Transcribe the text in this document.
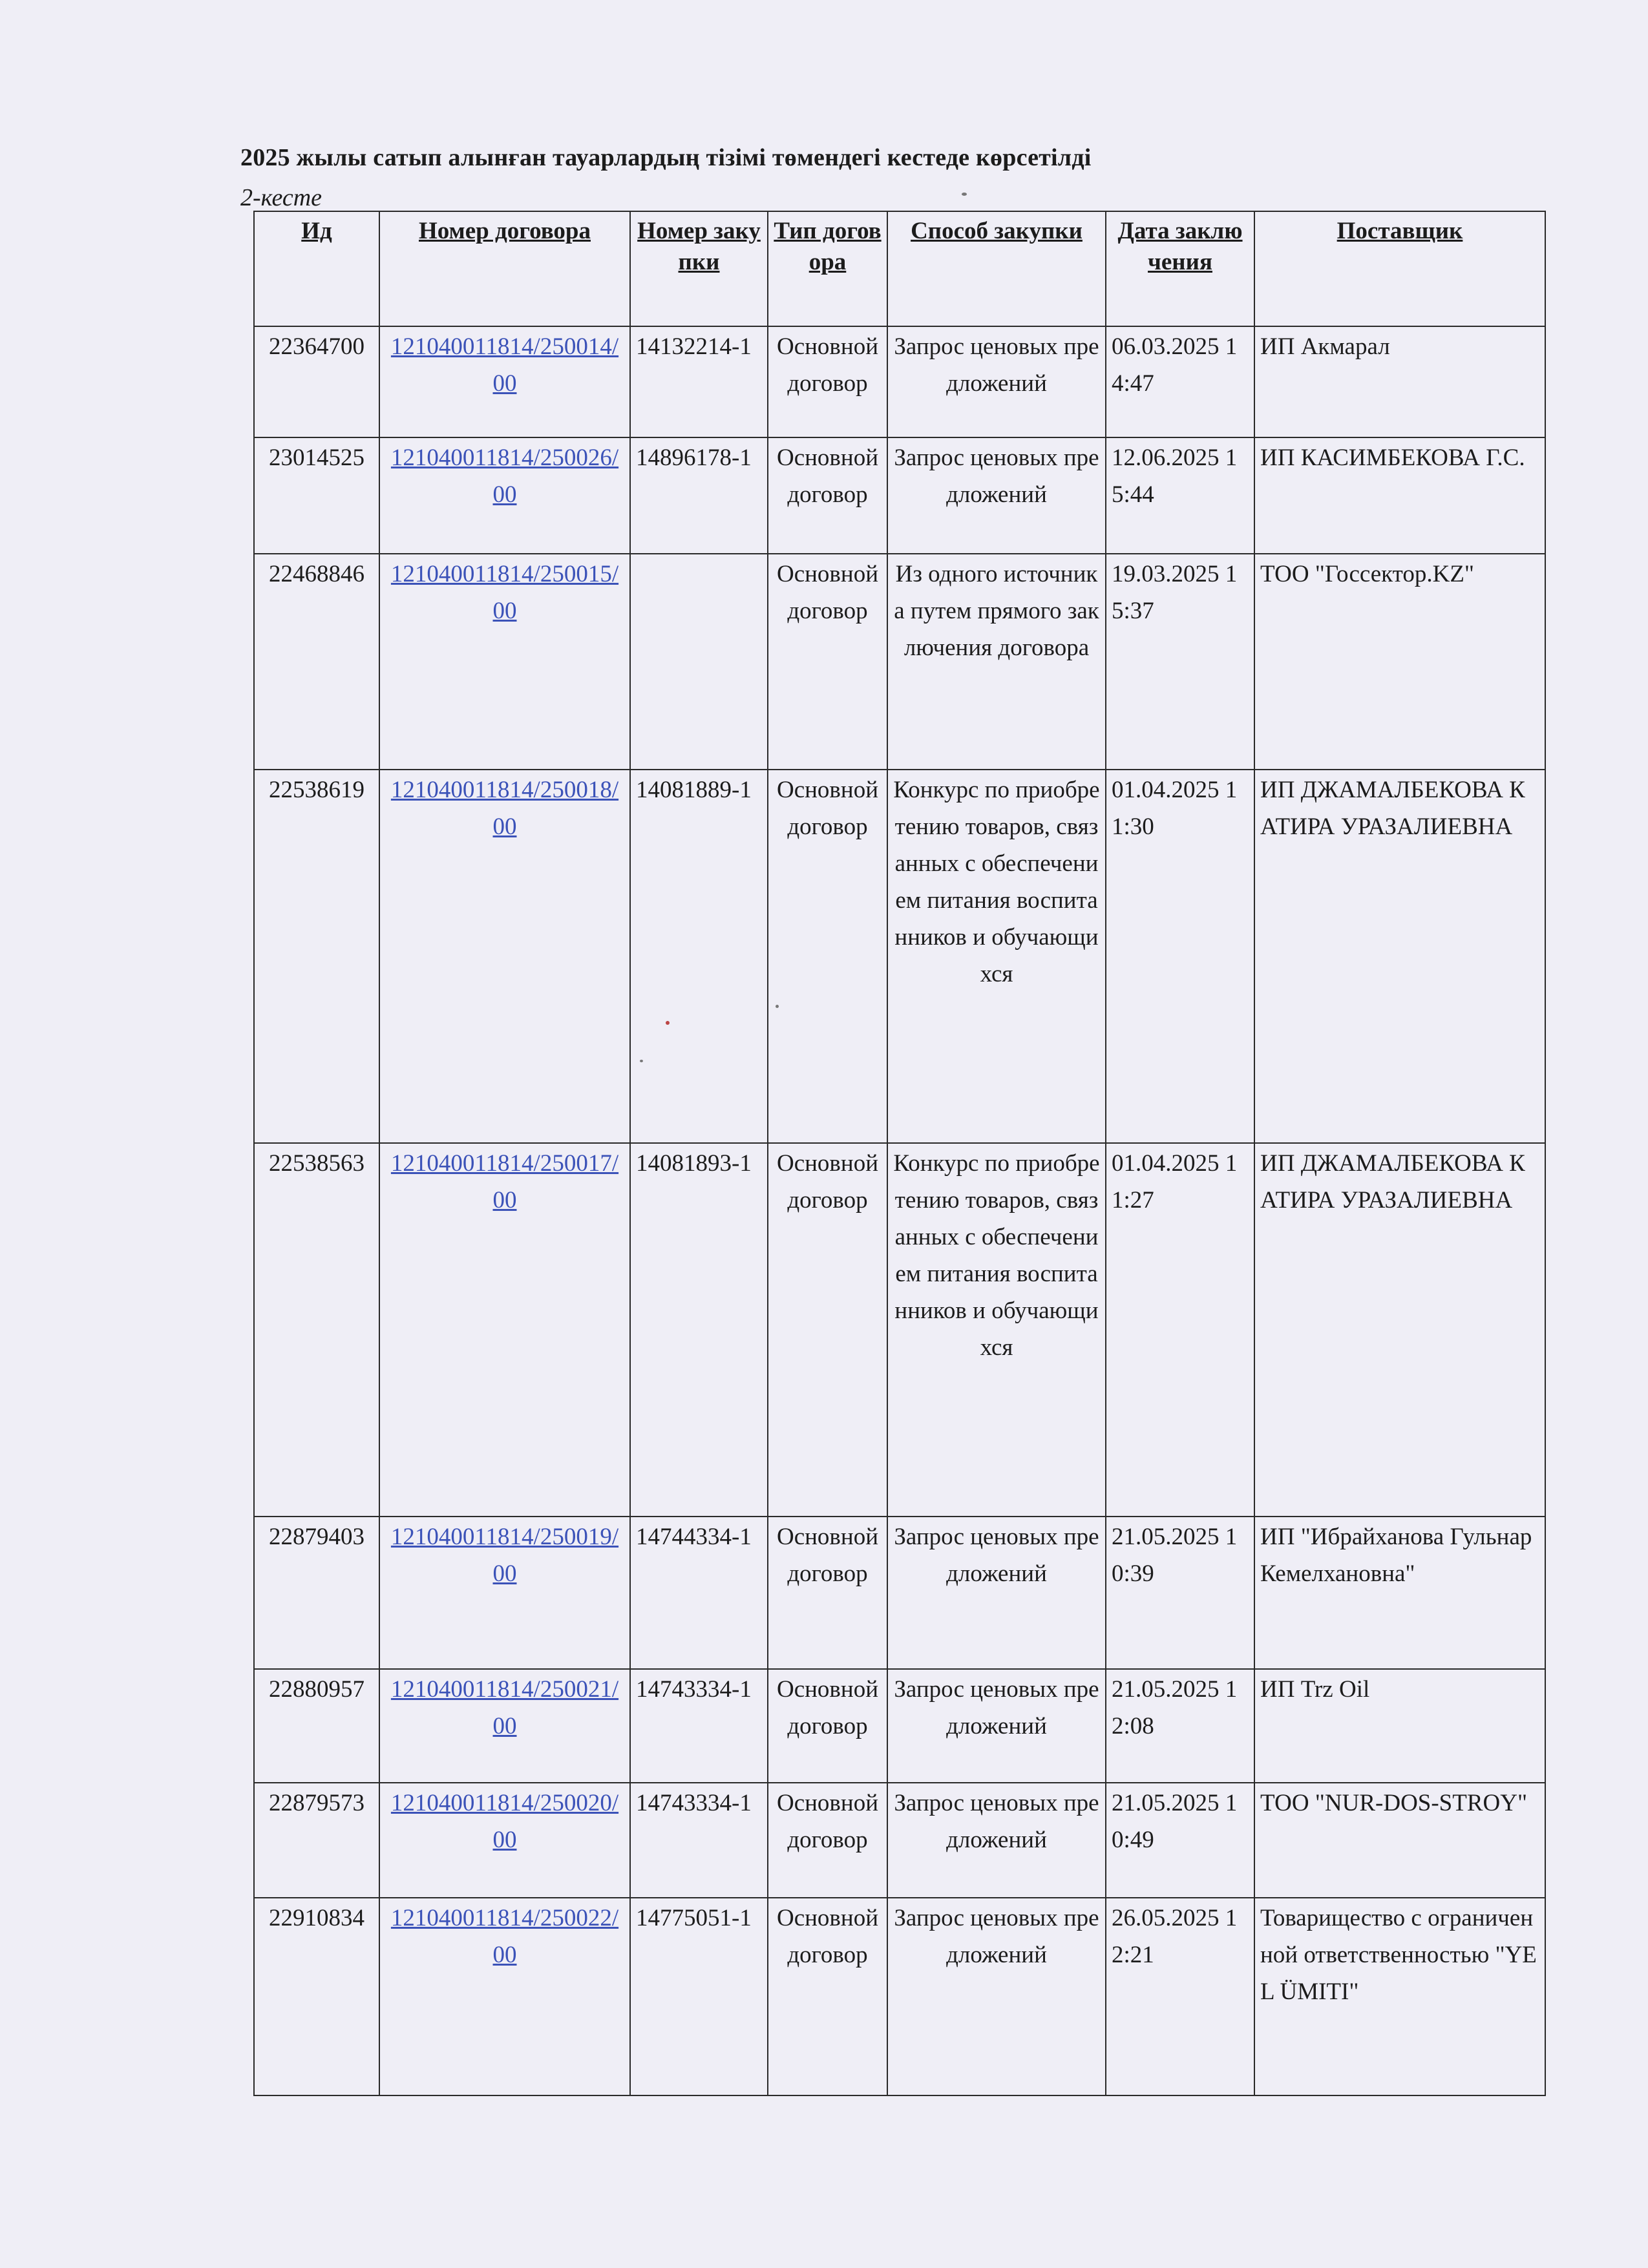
2025 жылы сатып алынған тауарлардың тізімі төмендегі кестеде көрсетілді
2-кесте
Ид	Номер договора	Номер закупки	Тип договора	Способ закупки	Дата заключения	Поставщик
22364700	121040011814/250014/00	14132214-1	Основной договор	Запрос ценовых предложений	06.03.2025 14:47	ИП Акмарал
23014525	121040011814/250026/00	14896178-1	Основной договор	Запрос ценовых предложений	12.06.2025 15:44	ИП КАСИМБЕКОВА Г.С.
22468846	121040011814/250015/00		Основной договор	Из одного источника путем прямого заключения договора	19.03.2025 15:37	ТОО "Госсектор.KZ"
22538619	121040011814/250018/00	14081889-1	Основной договор	Конкурс по приобретению товаров, связанных с обеспечением питания воспитанников и обучающихся	01.04.2025 11:30	ИП ДЖАМАЛБЕКОВА КАТИРА УРАЗАЛИЕВНА
22538563	121040011814/250017/00	14081893-1	Основной договор	Конкурс по приобретению товаров, связанных с обеспечением питания воспитанников и обучающихся	01.04.2025 11:27	ИП ДЖАМАЛБЕКОВА КАТИРА УРАЗАЛИЕВНА
22879403	121040011814/250019/00	14744334-1	Основной договор	Запрос ценовых предложений	21.05.2025 10:39	ИП "Ибрайханова Гульнар Кемелхановна"
22880957	121040011814/250021/00	14743334-1	Основной договор	Запрос ценовых предложений	21.05.2025 12:08	ИП Trz Oil
22879573	121040011814/250020/00	14743334-1	Основной договор	Запрос ценовых предложений	21.05.2025 10:49	ТОО "NUR-DOS-STROY"
22910834	121040011814/250022/00	14775051-1	Основной договор	Запрос ценовых предложений	26.05.2025 12:21	Товарищество с ограниченной ответственностью "YEL ÜMITI"
